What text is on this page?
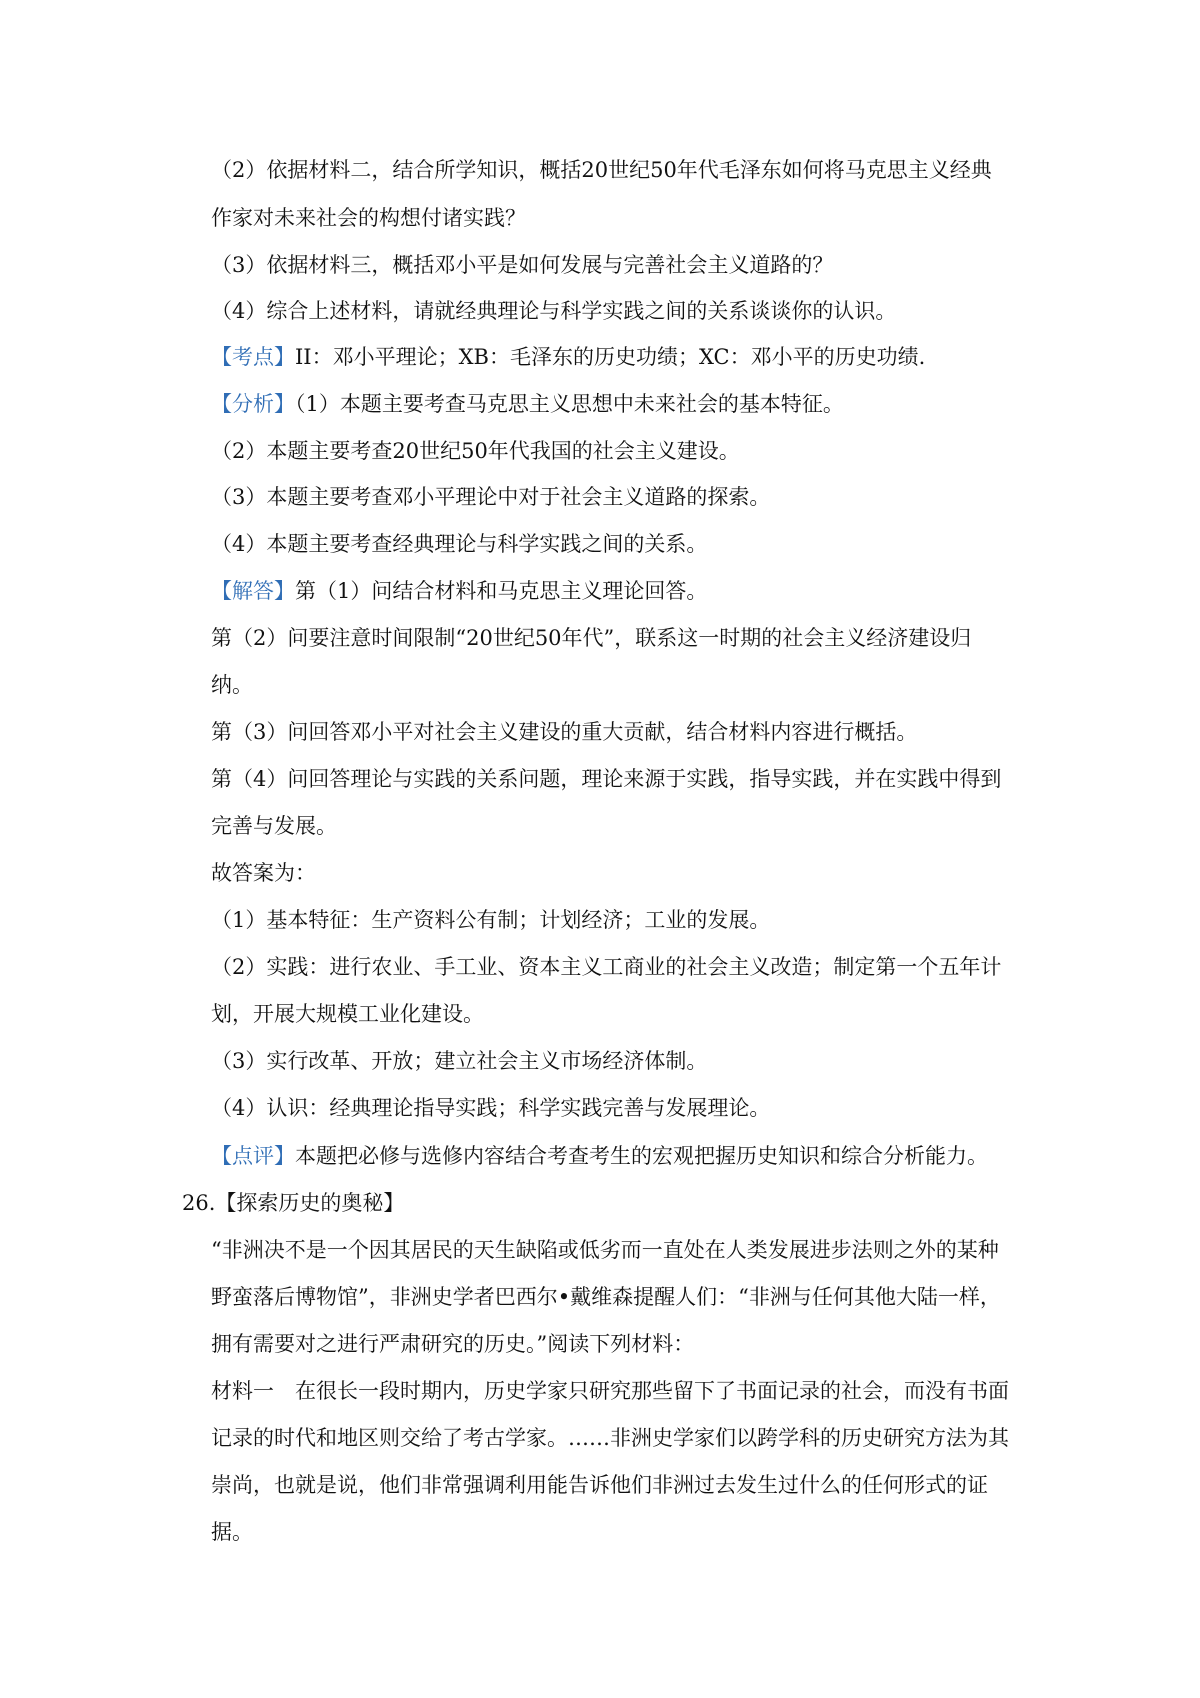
（2）依据材料二，结合所学知识，概括20世纪50年代毛泽东如何将马克思主义经典
作家对未来社会的构想付诸实践？
（3）依据材料三，概括邓小平是如何发展与完善社会主义道路的？
（4）综合上述材料，请就经典理论与科学实践之间的关系谈谈你的认识。
【考点】II：邓小平理论；XB：毛泽东的历史功绩；XC：邓小平的历史功绩.
【分析】（1）本题主要考查马克思主义思想中未来社会的基本特征。
（2）本题主要考查20世纪50年代我国的社会主义建设。
（3）本题主要考查邓小平理论中对于社会主义道路的探索。
（4）本题主要考查经典理论与科学实践之间的关系。
【解答】第（1）问结合材料和马克思主义理论回答。
第（2）问要注意时间限制“20世纪50年代”，联系这一时期的社会主义经济建设归
纳。
第（3）问回答邓小平对社会主义建设的重大贡献，结合材料内容进行概括。
第（4）问回答理论与实践的关系问题，理论来源于实践，指导实践，并在实践中得到
完善与发展。
故答案为：
（1）基本特征：生产资料公有制；计划经济；工业的发展。
（2）实践：进行农业、手工业、资本主义工商业的社会主义改造；制定第一个五年计
划，开展大规模工业化建设。
（3）实行改革、开放；建立社会主义市场经济体制。
（4）认识：经典理论指导实践；科学实践完善与发展理论。
【点评】本题把必修与选修内容结合考查考生的宏观把握历史知识和综合分析能力。
26.【探索历史的奥秘】
“非洲决不是一个因其居民的天生缺陷或低劣而一直处在人类发展进步法则之外的某种
野蛮落后博物馆”，非洲史学者巴西尔•戴维森提醒人们：“非洲与任何其他大陆一样，
拥有需要对之进行严肃研究的历史。”阅读下列材料：
材料一　在很长一段时期内，历史学家只研究那些留下了书面记录的社会，而没有书面
记录的时代和地区则交给了考古学家。……非洲史学家们以跨学科的历史研究方法为其
崇尚，也就是说，他们非常强调利用能告诉他们非洲过去发生过什么的任何形式的证
据。
